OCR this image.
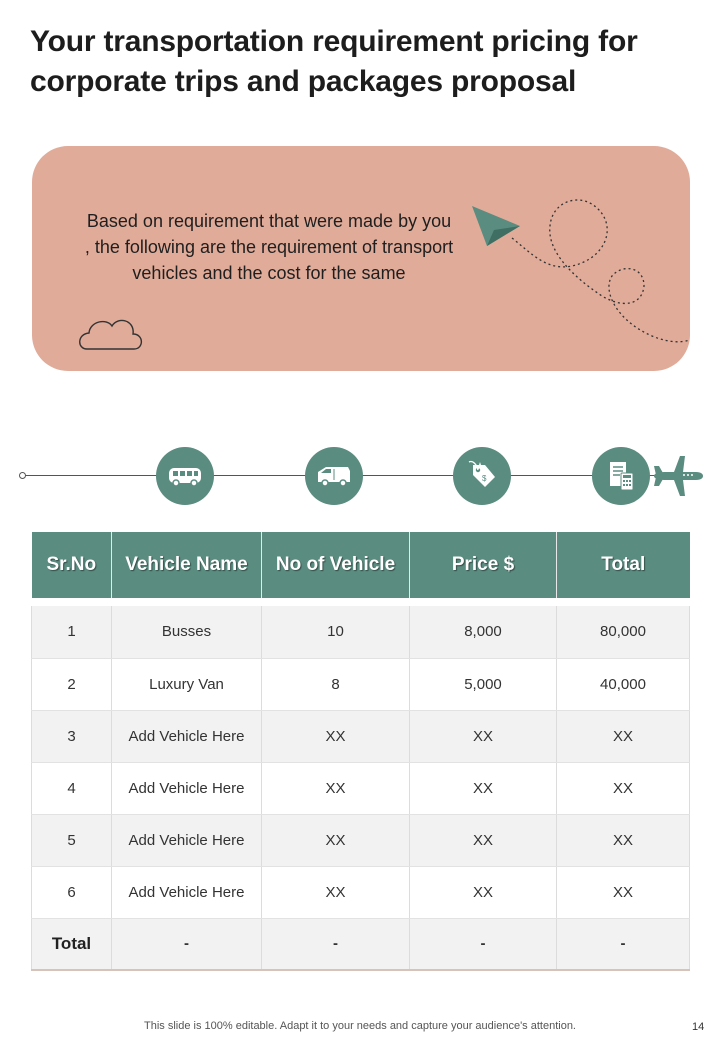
Your transportation requirement pricing for corporate trips and packages proposal
Based on requirement that were made by you , the following are the requirement of transport vehicles and the cost for the same
$
Sr.No	Vehicle Name	No of Vehicle	Price $	Total

1	Busses	10	8,000	80,000
2	Luxury Van	8	5,000	40,000
3	Add Vehicle Here	XX	XX	XX
4	Add Vehicle Here	XX	XX	XX
5	Add Vehicle Here	XX	XX	XX
6	Add Vehicle Here	XX	XX	XX
Total	-	-	-	-
This slide is 100% editable. Adapt it to your needs and capture your audience's attention.	14
